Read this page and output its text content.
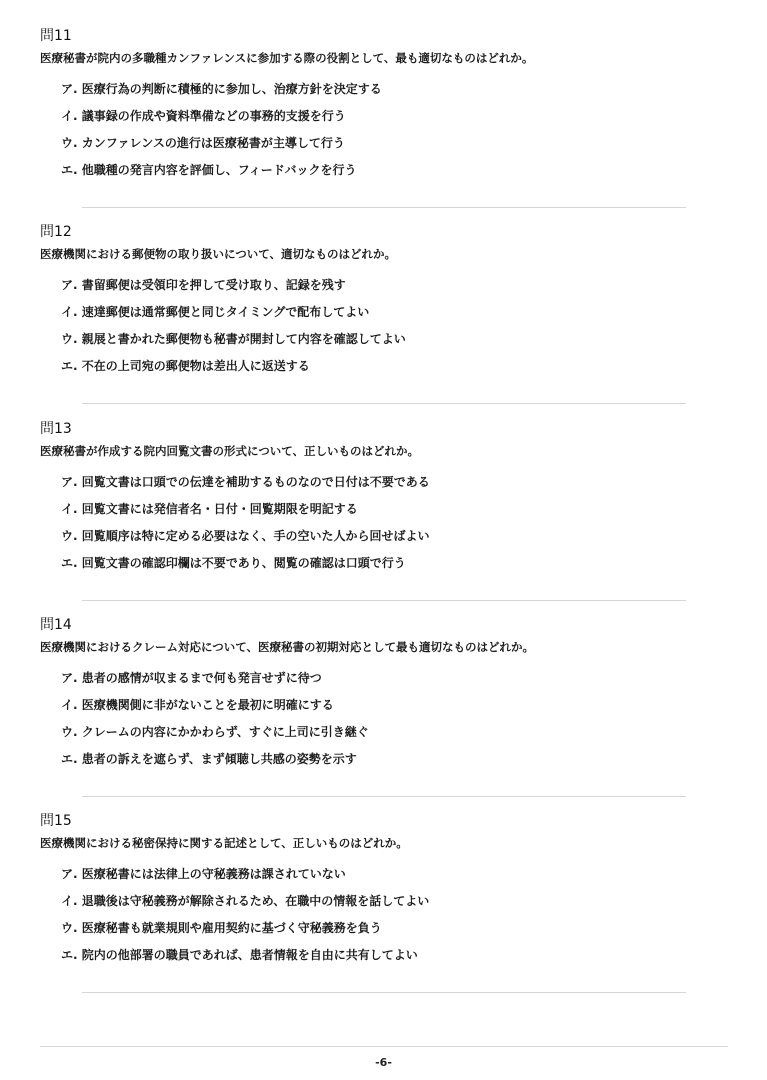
問11
医療秘書が院内の多職種カンファレンスに参加する際の役割として、最も適切なものはどれか。
ア. 医療行為の判断に積極的に参加し、治療方針を決定する
イ. 議事録の作成や資料準備などの事務的支援を行う
ウ. カンファレンスの進行は医療秘書が主導して行う
エ. 他職種の発言内容を評価し、フィードバックを行う
問12
医療機関における郵便物の取り扱いについて、適切なものはどれか。
ア. 書留郵便は受領印を押して受け取り、記録を残す
イ. 速達郵便は通常郵便と同じタイミングで配布してよい
ウ. 親展と書かれた郵便物も秘書が開封して内容を確認してよい
エ. 不在の上司宛の郵便物は差出人に返送する
問13
医療秘書が作成する院内回覧文書の形式について、正しいものはどれか。
ア. 回覧文書は口頭での伝達を補助するものなので日付は不要である
イ. 回覧文書には発信者名・日付・回覧期限を明記する
ウ. 回覧順序は特に定める必要はなく、手の空いた人から回せばよい
エ. 回覧文書の確認印欄は不要であり、閲覧の確認は口頭で行う
問14
医療機関におけるクレーム対応について、医療秘書の初期対応として最も適切なものはどれか。
ア. 患者の感情が収まるまで何も発言せずに待つ
イ. 医療機関側に非がないことを最初に明確にする
ウ. クレームの内容にかかわらず、すぐに上司に引き継ぐ
エ. 患者の訴えを遮らず、まず傾聴し共感の姿勢を示す
問15
医療機関における秘密保持に関する記述として、正しいものはどれか。
ア. 医療秘書には法律上の守秘義務は課されていない
イ. 退職後は守秘義務が解除されるため、在職中の情報を話してよい
ウ. 医療秘書も就業規則や雇用契約に基づく守秘義務を負う
エ. 院内の他部署の職員であれば、患者情報を自由に共有してよい
-6-
